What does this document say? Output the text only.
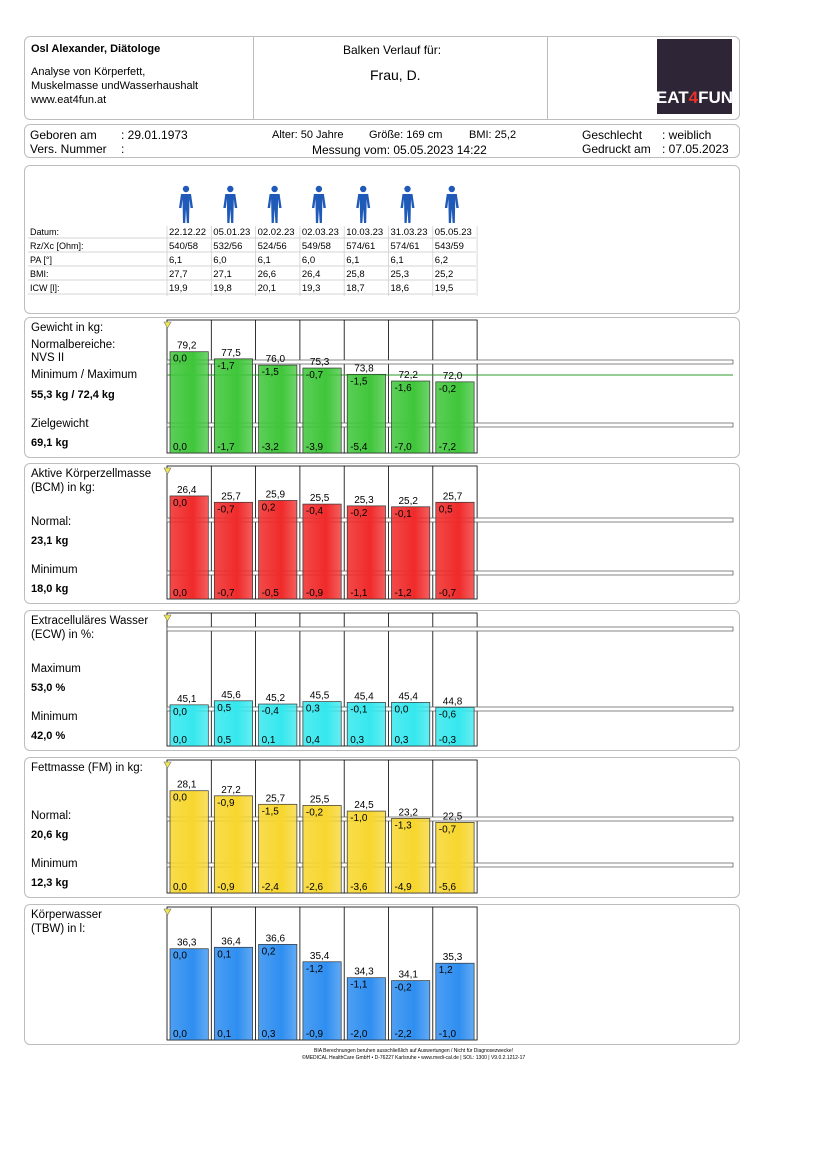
Osl Alexander, Diätologe
Analyse von Körperfett,
Muskelmasse undWasserhaushalt
www.eat4fun.at
Balken Verlauf für:
Frau, D.
EAT 4 FUN
Geboren am : 29.01.1973
Vers. Nummer :
Alter: 50 Jahre Größe: 169 cm BMI: 25,2
Messung vom: 05.05.2023 14:22
Geschlecht : weiblich
Gedruckt am : 07.05.2023
Datum:	22.12.22 05.01.23 02.02.23 02.03.23 10.03.23 31.03.23 05.05.23
Rz/Xc [Ohm]:	540/58 532/56 524/56 549/58 574/61 574/61 543/59
PA [°]	6,1	6,0	6,1	6,0	6,1	6,1	6,2
BMI:	27,7	27,1	26,6	26,4	25,8	25,3	25,2
ICW [l]:	19,9	19,8	20,1	19,3	18,7	18,6	19,5
Gewicht in kg:
Normalbereiche:
NVS II
Minimum / Maximum
55,3 kg / 72,4 kg
Zielgewicht
69,1 kg
79,2
0,0
0,0
77,5
-1,7
-1,7
76,0
-1,5
-3,2
75,3
-0,7
-3,9
73,8
-1,5
-5,4
72,2
-1,6
-7,0
72,0
-0,2
-7,2
Aktive Körperzellmasse
(BCM) in kg:
Normal:
23,1 kg
Minimum
18,0 kg
26,4
0,0
0,0
25,7
-0,7
-0,7
25,9
0,2
-0,5
25,5
-0,4
-0,9
25,3
-0,2
-1,1
25,2
-0,1
-1,2
25,7
0,5
-0,7
Extracelluläres Wasser
(ECW) in %:
Maximum
53,0 %
Minimum
42,0 %
45,1
0,0
0,0
45,6
0,5
0,5
45,2
-0,4
0,1
45,5
0,3
0,4
45,4
-0,1
0,3
45,4
0,0
0,3
44,8
-0,6
-0,3
Fettmasse (FM) in kg:
Normal:
20,6 kg
Minimum
12,3 kg
28,1
0,0
0,0
27,2
-0,9
-0,9
25,7
-1,5
-2,4
25,5
-0,2
-2,6
24,5
-1,0
-3,6
23,2
-1,3
-4,9
22,5
-0,7
-5,6
Körperwasser
(TBW) in l:
36,3
0,0
0,0
36,4
0,1
0,1
36,6
0,2
0,3
35,4
-1,2
-0,9
34,3
-1,1
-2,0
34,1
-0,2
-2,2
35,3
1,2
-1,0
BIA Berechnungen beruhen ausschließlich auf Auswertungen / Nicht für Diagnosezwecke!
©MEDICAL HealthCare GmbH • D-76227 Karlsruhe • www.medi-cal.de | SOL: 1300 | V9.0.2.1212-17
